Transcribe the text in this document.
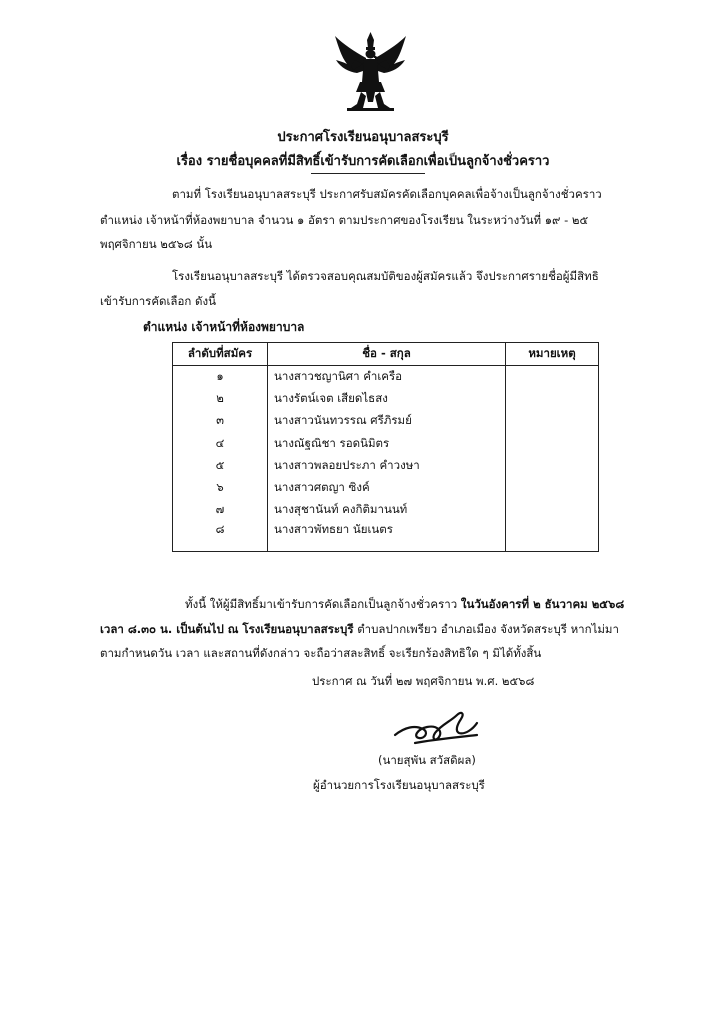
ประกาศโรงเรียนอนุบาลสระบุรี
เรื่อง รายชื่อบุคคลที่มีสิทธิ์เข้ารับการคัดเลือกเพื่อเป็นลูกจ้างชั่วคราว
ตามที่ โรงเรียนอนุบาลสระบุรี ประกาศรับสมัครคัดเลือกบุคคลเพื่อจ้างเป็นลูกจ้างชั่วคราว
ตำแหน่ง เจ้าหน้าที่ห้องพยาบาล จำนวน ๑ อัตรา ตามประกาศของโรงเรียน ในระหว่างวันที่ ๑๙ - ๒๕
พฤศจิกายน ๒๕๖๘ นั้น
โรงเรียนอนุบาลสระบุรี ได้ตรวจสอบคุณสมบัติของผู้สมัครแล้ว จึงประกาศรายชื่อผู้มีสิทธิ
เข้ารับการคัดเลือก ดังนี้
ตำแหน่ง เจ้าหน้าที่ห้องพยาบาล
ลำดับที่สมัคร	ชื่อ - สกุล	หมายเหตุ
๑	นางสาวชญานิศา คำเครือ	
๒	นางรัตน์เจต เสียดไธสง	
๓	นางสาวนันทวรรณ ศรีภิรมย์	
๔	นางณัฐณิชา รอดนิมิตร	
๕	นางสาวพลอยประภา คำวงษา	
๖	นางสาวศตญา ซิงค์	
๗	นางสุชานันท์ คงกิติมานนท์	
๘	นางสาวพัทธยา นัยเนตร	
ทั้งนี้ ให้ผู้มีสิทธิ์มาเข้ารับการคัดเลือกเป็นลูกจ้างชั่วคราว ในวันอังคารที่ ๒ ธันวาคม ๒๕๖๘
เวลา ๘.๓๐ น. เป็นต้นไป ณ โรงเรียนอนุบาลสระบุรี ตำบลปากเพรียว อำเภอเมือง จังหวัดสระบุรี หากไม่มา
ตามกำหนดวัน เวลา และสถานที่ดังกล่าว จะถือว่าสละสิทธิ์ จะเรียกร้องสิทธิใด ๆ มิได้ทั้งสิ้น
ประกาศ ณ วันที่ ๒๗ พฤศจิกายน พ.ศ. ๒๕๖๘
(นายสุพัน สวัสดิผล)
ผู้อำนวยการโรงเรียนอนุบาลสระบุรี
